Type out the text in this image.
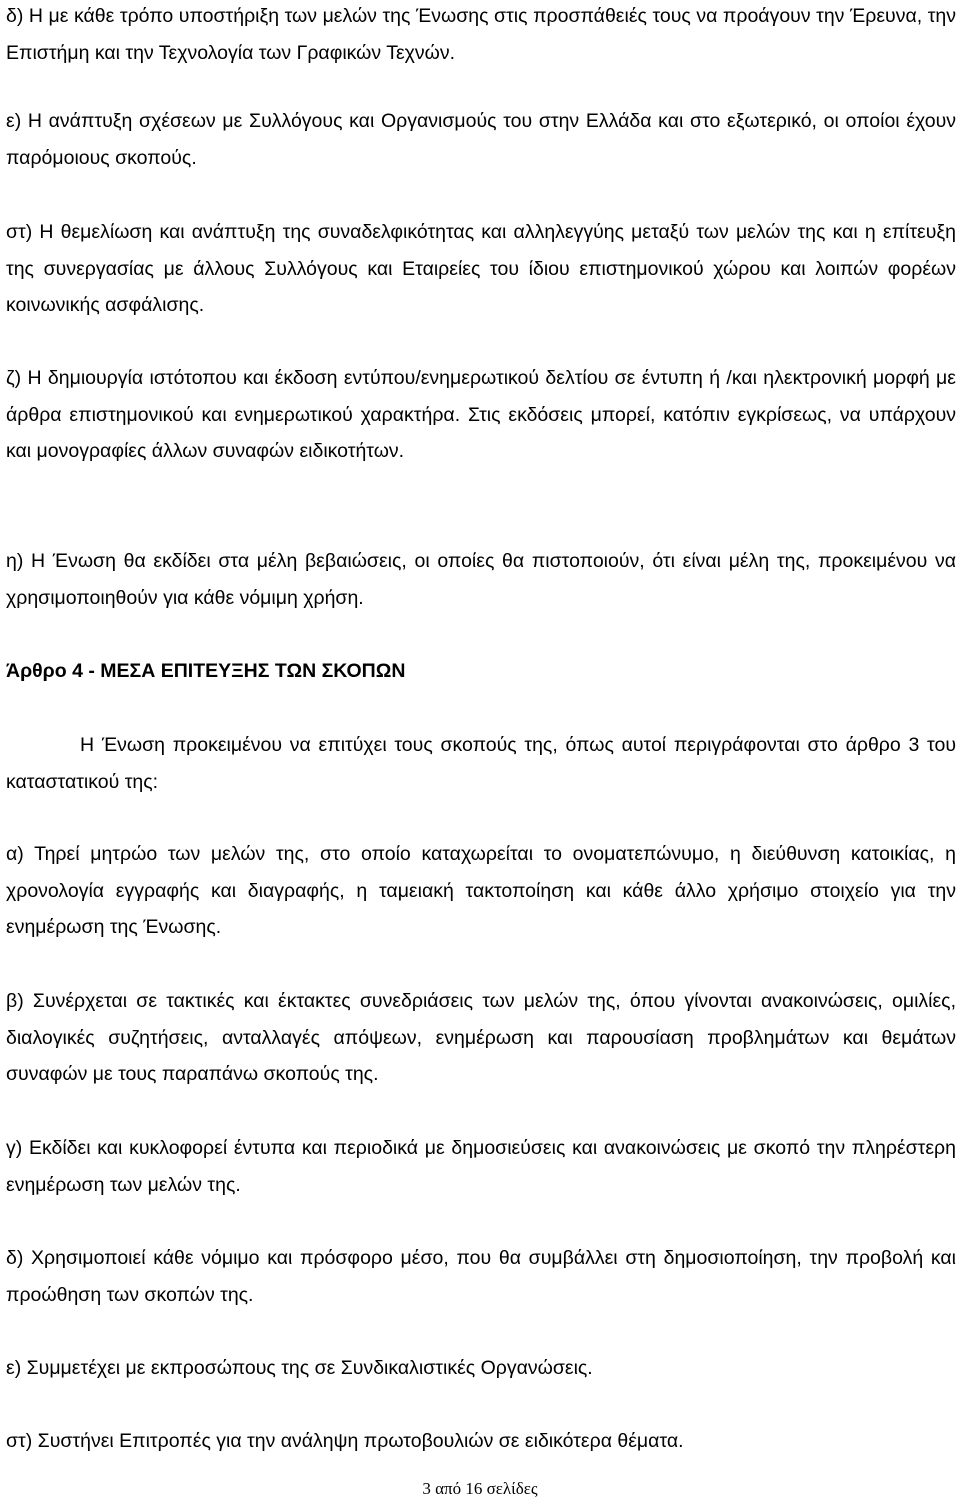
δ) Η με κάθε τρόπο υποστήριξη των μελών της Ένωσης στις προσπάθειές τους να προάγουν την Έρευνα, την Επιστήμη και την Τεχνολογία των Γραφικών Τεχνών.

ε) Η ανάπτυξη σχέσεων με Συλλόγους και Οργανισμούς του στην Ελλάδα και στο εξωτερικό, οι οποίοι έχουν παρόμοιους σκοπούς.

στ) Η θεμελίωση και ανάπτυξη της συναδελφικότητας και αλληλεγγύης μεταξύ των μελών της και η επίτευξη της συνεργασίας με άλλους Συλλόγους και Εταιρείες του ίδιου επιστημονικού χώρου και λοιπών φορέων κοινωνικής ασφάλισης.

ζ) Η δημιουργία ιστότοπου και έκδοση εντύπου/ενημερωτικού δελτίου σε έντυπη ή /και ηλεκτρονική μορφή με άρθρα επιστημονικού και ενημερωτικού χαρακτήρα. Στις εκδόσεις μπορεί, κατόπιν εγκρίσεως, να υπάρχουν και μονογραφίες άλλων συναφών ειδικοτήτων.

η) Η Ένωση θα εκδίδει στα μέλη βεβαιώσεις, οι οποίες θα πιστοποιούν, ότι είναι μέλη της, προκειμένου να χρησιμοποιηθούν για κάθε νόμιμη χρήση.

Άρθρο 4 - ΜΕΣΑ ΕΠΙΤΕΥΞΗΣ ΤΩΝ ΣΚΟΠΩΝ

Η Ένωση προκειμένου να επιτύχει τους σκοπούς της, όπως αυτοί περιγράφονται στο άρθρο 3 του καταστατικού της:

α) Τηρεί μητρώο των μελών της, στο οποίο καταχωρείται το ονοματεπώνυμο, η διεύθυνση κατοικίας, η χρονολογία εγγραφής και διαγραφής, η ταμειακή τακτοποίηση και κάθε άλλο χρήσιμο στοιχείο για την ενημέρωση της Ένωσης.

β) Συνέρχεται σε τακτικές και έκτακτες συνεδριάσεις των μελών της, όπου γίνονται ανακοινώσεις, ομιλίες, διαλογικές συζητήσεις, ανταλλαγές απόψεων, ενημέρωση και παρουσίαση προβλημάτων και θεμάτων συναφών με τους παραπάνω σκοπούς της.

γ) Εκδίδει και κυκλοφορεί έντυπα και περιοδικά με δημοσιεύσεις και ανακοινώσεις με σκοπό την πληρέστερη ενημέρωση των μελών της.

δ) Χρησιμοποιεί κάθε νόμιμο και πρόσφορο μέσο, που θα συμβάλλει στη δημοσιοποίηση, την προβολή και προώθηση των σκοπών της.

ε) Συμμετέχει με εκπροσώπους της σε Συνδικαλιστικές Οργανώσεις.

στ) Συστήνει Επιτροπές για την ανάληψη πρωτοβουλιών σε ειδικότερα θέματα.

3 από 16 σελίδες
